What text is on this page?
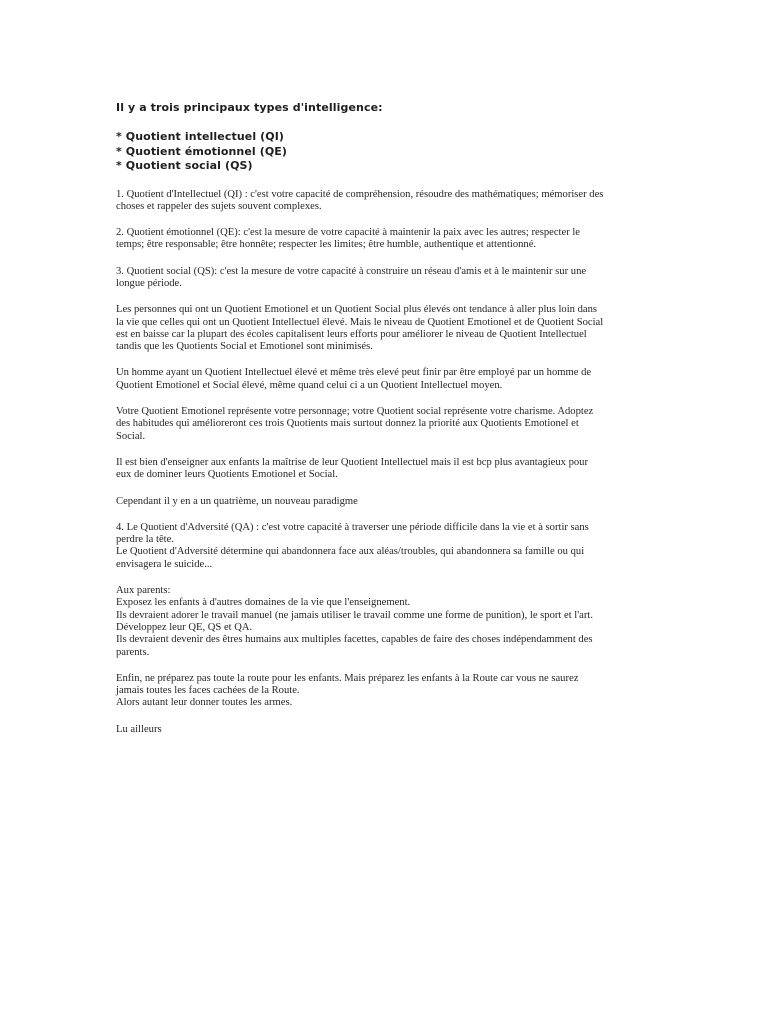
Il y a trois principaux types d'intelligence:
* Quotient intellectuel (QI)
* Quotient émotionnel (QE)
* Quotient social (QS)

1. Quotient d'Intellectuel (QI) : c'est votre capacité de compréhension, résoudre des mathématiques; mémoriser des
choses et rappeler des sujets souvent complexes.

2. Quotient émotionnel (QE): c'est la mesure de votre capacité à maintenir la paix avec les autres; respecter le
temps; être responsable; être honnête; respecter les limites; être humble, authentique et attentionné.

3. Quotient social (QS): c'est la mesure de votre capacité à construire un réseau d'amis et à le maintenir sur une
longue période.

Les personnes qui ont un Quotient Emotionel et un Quotient Social plus élevés ont tendance à aller plus loin dans
la vie que celles qui ont un Quotient Intellectuel élevé. Mais le niveau de Quotient Emotionel et de Quotient Social
est en baisse car la plupart des écoles capitalisent leurs efforts pour améliorer le niveau de Quotient Intellectuel
tandis que les Quotients Social et Emotionel sont minimisés.

Un homme ayant un Quotient Intellectuel élevé et même très elevé peut finir par être employé par un homme de
Quotient Emotionel et Social élevé, même quand celui ci a un Quotient Intellectuel moyen.

Votre Quotient Emotionel représente votre personnage; votre Quotient social représente votre charisme. Adoptez
des habitudes qui amélioreront ces trois Quotients mais surtout donnez la priorité aux Quotients Emotionel et
Social.

Il est bien d'enseigner aux enfants la maîtrise de leur Quotient Intellectuel mais il est bcp plus avantagieux pour
eux de dominer leurs Quotients Emotionel et Social.

Cependant il y en a un quatrième, un nouveau paradigme

4. Le Quotient d'Adversité (QA) : c'est votre capacité à traverser une période difficile dans la vie et à sortir sans
perdre la tête.
Le Quotient d'Adversité détermine qui abandonnera face aux aléas/troubles, qui abandonnera sa famille ou qui
envisagera le suicide...

Aux parents:
Exposez les enfants à d'autres domaines de la vie que l'enseignement.
Ils devraient adorer le travail manuel (ne jamais utiliser le travail comme une forme de punition), le sport et l'art.
Développez leur QE, QS et QA.
Ils devraient devenir des êtres humains aux multiples facettes, capables de faire des choses indépendamment des
parents.

Enfin, ne préparez pas toute la route pour les enfants. Mais préparez les enfants à la Route car vous ne saurez
jamais toutes les faces cachées de la Route.
Alors autant leur donner toutes les armes.

Lu ailleurs
